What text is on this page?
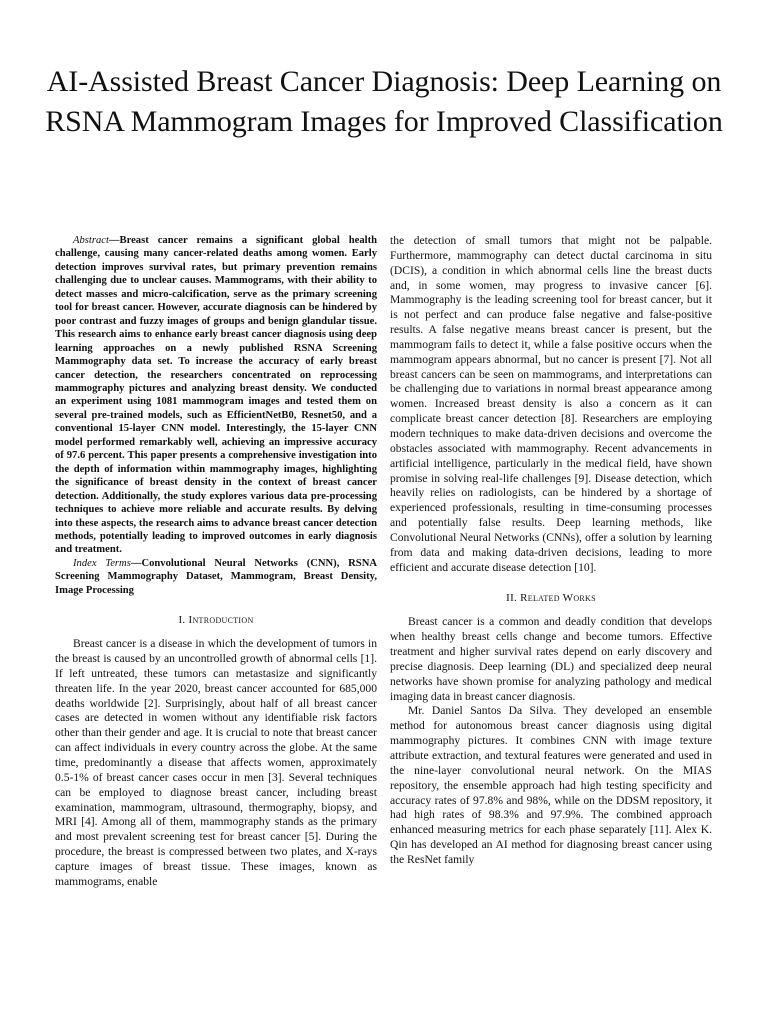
AI-Assisted Breast Cancer Diagnosis: Deep Learning on RSNA Mammogram Images for Improved Classification

Abstract—Breast cancer remains a significant global health challenge, causing many cancer-related deaths among women. Early detection improves survival rates, but primary prevention remains challenging due to unclear causes. Mammograms, with their ability to detect masses and micro-calcification, serve as the primary screening tool for breast cancer. However, accurate diagnosis can be hindered by poor contrast and fuzzy images of groups and benign glandular tissue. This research aims to enhance early breast cancer diagnosis using deep learning approaches on a newly published RSNA Screening Mammography data set. To increase the accuracy of early breast cancer detection, the researchers concentrated on reprocessing mammography pictures and analyzing breast density. We conducted an experiment using 1081 mammogram images and tested them on several pre-trained models, such as EfficientNetB0, Resnet50, and a conventional 15-layer CNN model. Interestingly, the 15-layer CNN model performed remarkably well, achieving an impressive accuracy of 97.6 percent. This paper presents a comprehensive investigation into the depth of information within mammography images, highlighting the significance of breast density in the context of breast cancer detection. Additionally, the study explores various data pre-processing techniques to achieve more reliable and accurate results. By delving into these aspects, the research aims to advance breast cancer detection methods, potentially leading to improved outcomes in early diagnosis and treatment.

Index Terms—Convolutional Neural Networks (CNN), RSNA Screening Mammography Dataset, Mammogram, Breast Density, Image Processing

I. Introduction

Breast cancer is a disease in which the development of tumors in the breast is caused by an uncontrolled growth of abnormal cells [1]. If left untreated, these tumors can metastasize and significantly threaten life. In the year 2020, breast cancer accounted for 685,000 deaths worldwide [2]. Surprisingly, about half of all breast cancer cases are detected in women without any identifiable risk factors other than their gender and age. It is crucial to note that breast cancer can affect individuals in every country across the globe. At the same time, predominantly a disease that affects women, approximately 0.5-1% of breast cancer cases occur in men [3]. Several techniques can be employed to diagnose breast cancer, including breast examination, mammogram, ultrasound, thermography, biopsy, and MRI [4]. Among all of them, mammography stands as the primary and most prevalent screening test for breast cancer [5]. During the procedure, the breast is compressed between two plates, and X-rays capture images of breast tissue. These images, known as mammograms, enable

the detection of small tumors that might not be palpable. Furthermore, mammography can detect ductal carcinoma in situ (DCIS), a condition in which abnormal cells line the breast ducts and, in some women, may progress to invasive cancer [6]. Mammography is the leading screening tool for breast cancer, but it is not perfect and can produce false negative and false-positive results. A false negative means breast cancer is present, but the mammogram fails to detect it, while a false positive occurs when the mammogram appears abnormal, but no cancer is present [7]. Not all breast cancers can be seen on mammograms, and interpretations can be challenging due to variations in normal breast appearance among women. Increased breast density is also a concern as it can complicate breast cancer detection [8]. Researchers are employing modern techniques to make data-driven decisions and overcome the obstacles associated with mammography. Recent advancements in artificial intelligence, particularly in the medical field, have shown promise in solving real-life challenges [9]. Disease detection, which heavily relies on radiologists, can be hindered by a shortage of experienced professionals, resulting in time-consuming processes and potentially false results. Deep learning methods, like Convolutional Neural Networks (CNNs), offer a solution by learning from data and making data-driven decisions, leading to more efficient and accurate disease detection [10].

II. Related Works

Breast cancer is a common and deadly condition that develops when healthy breast cells change and become tumors. Effective treatment and higher survival rates depend on early discovery and precise diagnosis. Deep learning (DL) and specialized deep neural networks have shown promise for analyzing pathology and medical imaging data in breast cancer diagnosis.

Mr. Daniel Santos Da Silva. They developed an ensemble method for autonomous breast cancer diagnosis using digital mammography pictures. It combines CNN with image texture attribute extraction, and textural features were generated and used in the nine-layer convolutional neural network. On the MIAS repository, the ensemble approach had high testing specificity and accuracy rates of 97.8% and 98%, while on the DDSM repository, it had high rates of 98.3% and 97.9%. The combined approach enhanced measuring metrics for each phase separately [11]. Alex K. Qin has developed an AI method for diagnosing breast cancer using the ResNet family
